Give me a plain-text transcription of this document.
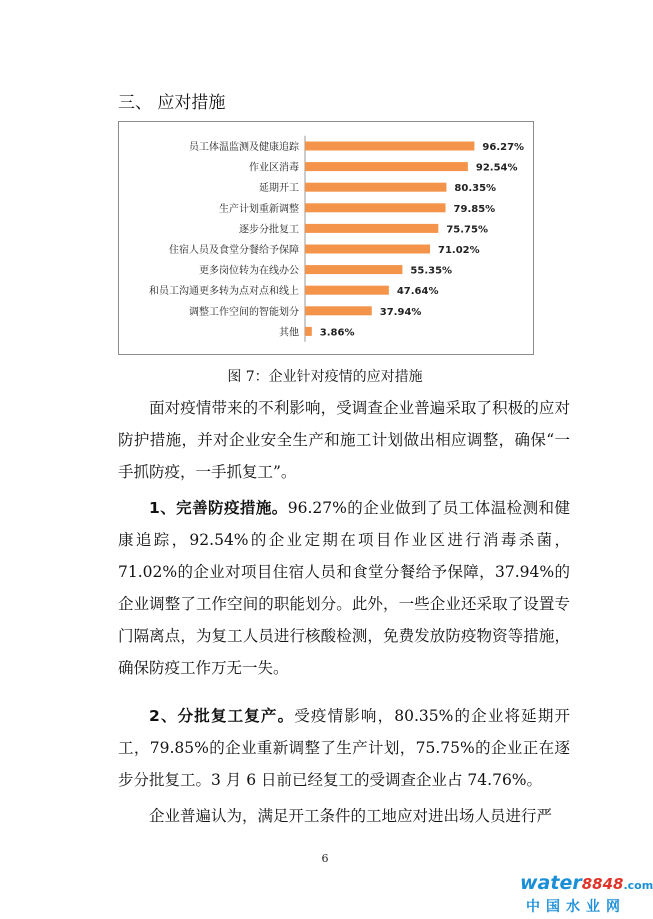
三、 应对措施
员工体温监测及健康追踪	96.27%
作业区消毒	92.54%
延期开工	80.35%
生产计划重新调整	79.85%
逐步分批复工	75.75%
住宿人员及食堂分餐给予保障	71.02%
更多岗位转为在线办公	55.35%
和员工沟通更多转为点对点和线上	47.64%
调整工作空间的智能划分	37.94%
其他 3.86%
图 7：企业针对疫情的应对措施

面对疫情带来的不利影响，受调查企业普遍采取了积极的应对防护措施，并对企业安全生产和施工计划做出相应调整，确保“一手抓防疫，一手抓复工”。

1、完善防疫措施。96.27%的企业做到了员工体温检测和健康追踪，92.54%的企业定期在项目作业区进行消毒杀菌，71.02%的企业对项目住宿人员和食堂分餐给予保障，37.94%的企业调整了工作空间的职能划分。此外，一些企业还采取了设置专门隔离点，为复工人员进行核酸检测，免费发放防疫物资等措施，确保防疫工作万无一失。

2、分批复工复产。受疫情影响，80.35%的企业将延期开工，79.85%的企业重新调整了生产计划，75.75%的企业正在逐步分批复工。3 月 6 日前已经复工的受调查企业占 74.76%。

企业普遍认为，满足开工条件的工地应对进出场人员进行严

6
water8848.com
中国水业网
